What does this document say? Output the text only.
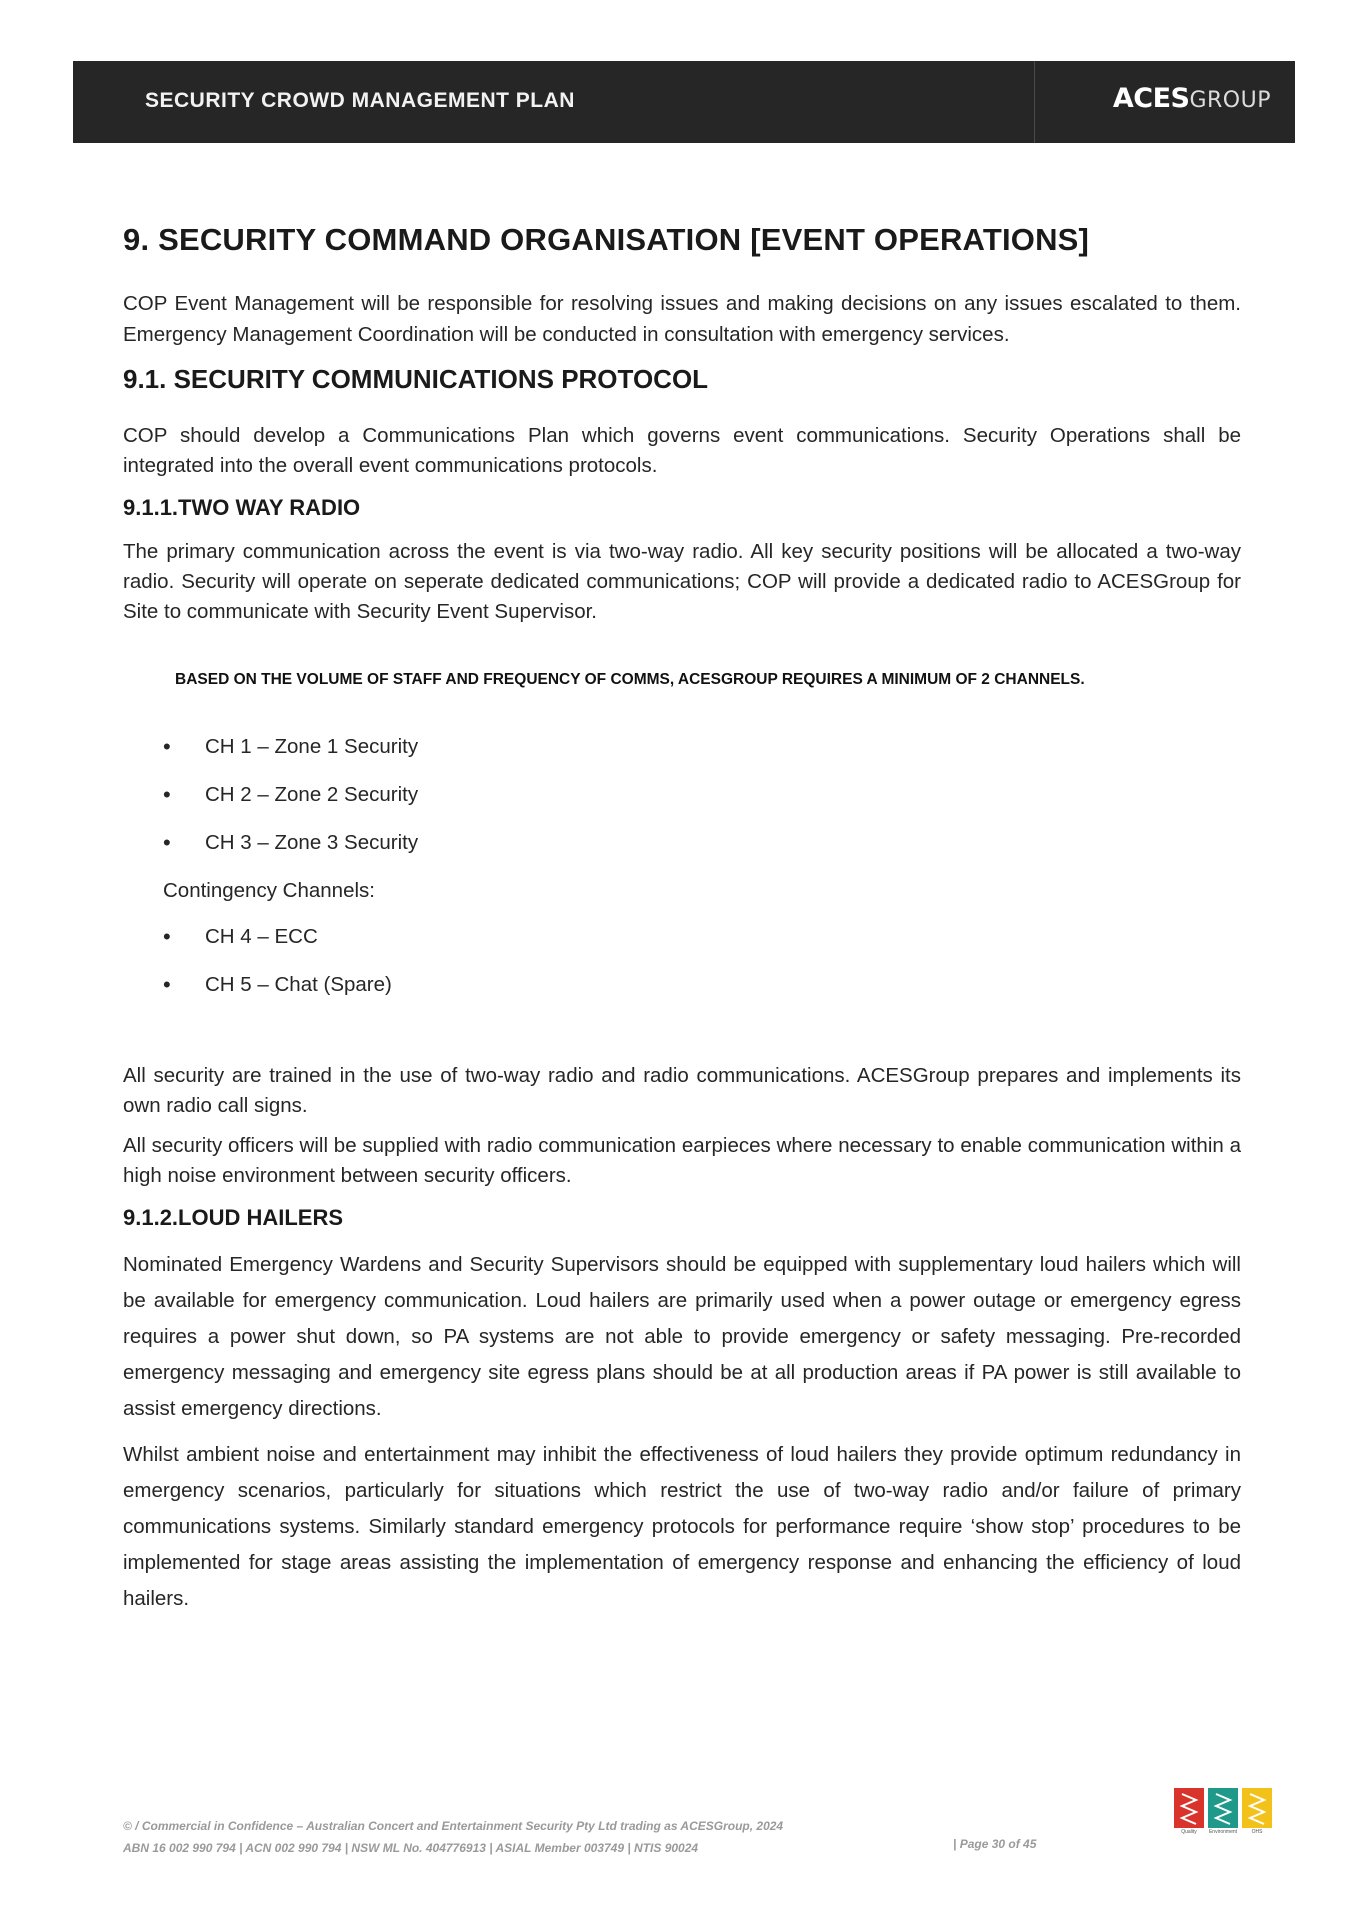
SECURITY CROWD MANAGEMENT PLAN	ACESGROUP
9. SECURITY COMMAND ORGANISATION [EVENT OPERATIONS]

COP Event Management will be responsible for resolving issues and making decisions on any issues escalated to them. Emergency Management Coordination will be conducted in consultation with emergency services.

9.1. SECURITY COMMUNICATIONS PROTOCOL

COP should develop a Communications Plan which governs event communications. Security Operations shall be integrated into the overall event communications protocols.

9.1.1.TWO WAY RADIO

The primary communication across the event is via two-way radio. All key security positions will be allocated a two-way radio. Security will operate on seperate dedicated communications; COP will provide a dedicated radio to ACESGroup for Site to communicate with Security Event Supervisor.

BASED ON THE VOLUME OF STAFF AND FREQUENCY OF COMMS, ACESGROUP REQUIRES A MINIMUM OF 2 CHANNELS.
• CH 1 – Zone 1 Security
• CH 2 – Zone 2 Security
• CH 3 – Zone 3 Security
Contingency Channels:
• CH 4 – ECC
• CH 5 – Chat (Spare)

All security are trained in the use of two-way radio and radio communications. ACESGroup prepares and implements its own radio call signs.

All security officers will be supplied with radio communication earpieces where necessary to enable communication within a high noise environment between security officers.

9.1.2.LOUD HAILERS

Nominated Emergency Wardens and Security Supervisors should be equipped with supplementary loud hailers which will be available for emergency communication. Loud hailers are primarily used when a power outage or emergency egress requires a power shut down, so PA systems are not able to provide emergency or safety messaging. Pre-recorded emergency messaging and emergency site egress plans should be at all production areas if PA power is still available to assist emergency directions.

Whilst ambient noise and entertainment may inhibit the effectiveness of loud hailers they provide optimum redundancy in emergency scenarios, particularly for situations which restrict the use of two-way radio and/or failure of primary communications systems. Similarly standard emergency protocols for performance require ‘show stop’ procedures to be implemented for stage areas assisting the implementation of emergency response and enhancing the efficiency of loud hailers.

© / Commercial in Confidence – Australian Concert and Entertainment Security Pty Ltd trading as ACESGroup, 2024
ABN 16 002 990 794 | ACN 002 990 794 | NSW ML No. 404776913 | ASIAL Member 003749 | NTIS 90024	| Page 30 of 45
Quality Environment	OHS
